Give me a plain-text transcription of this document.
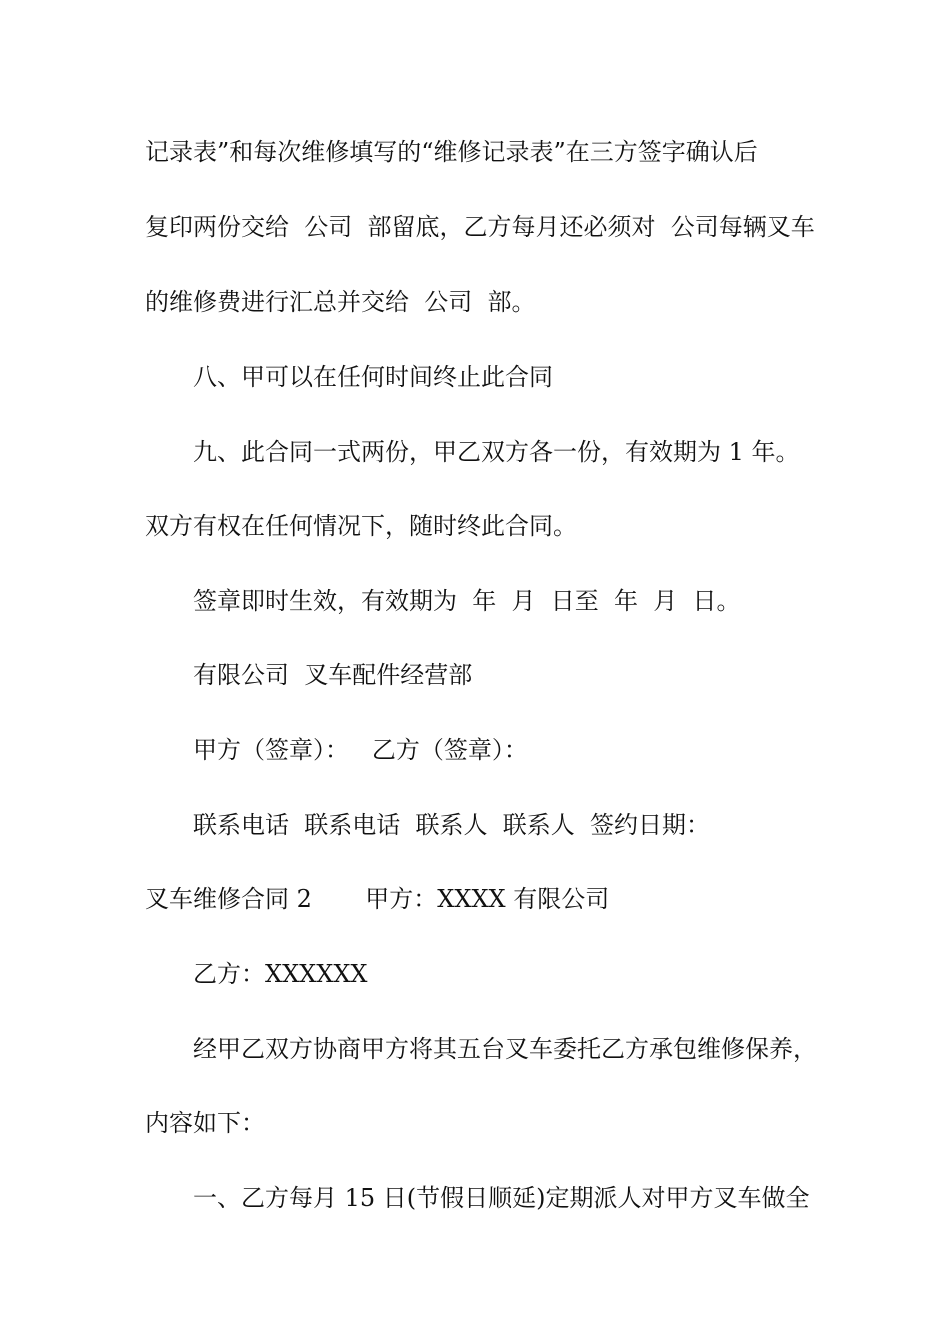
记录表”和每次维修填写的“维修记录表”在三方签字确认后
复印两份交给  公司  部留底，乙方每月还必须对  公司每辆叉车
的维修费进行汇总并交给  公司  部。
八、甲可以在任何时间终止此合同
九、此合同一式两份，甲乙双方各一份，有效期为 1 年。
双方有权在任何情况下，随时终此合同。
签章即时生效，有效期为  年  月  日至  年  月  日。
有限公司  叉车配件经营部
甲方（签章）：   乙方（签章）：
联系电话  联系电话  联系人  联系人  签约日期：
叉车维修合同 2       甲方：XXXX 有限公司
乙方：XXXXXX
经甲乙双方协商甲方将其五台叉车委托乙方承包维修保养，
内容如下：
一、乙方每月 15 日(节假日顺延)定期派人对甲方叉车做全
